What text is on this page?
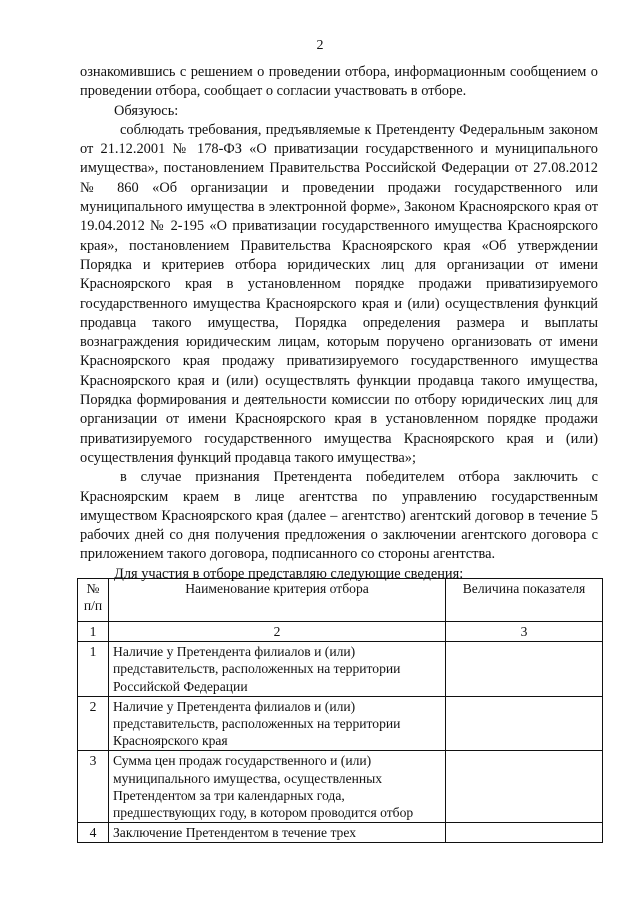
2

ознакомившись с решением о проведении отбора, информационным сообщением о проведении отбора, сообщает о согласии участвовать в отборе.

Обязуюсь:

соблюдать требования, предъявляемые к Претенденту Федеральным законом от 21.12.2001 № 178-ФЗ «О приватизации государственного и муниципального имущества», постановлением Правительства Российской Федерации от 27.08.2012 № 860 «Об организации и проведении продажи государственного или муниципального имущества в электронной форме», Законом Красноярского края от 19.04.2012 № 2-195 «О приватизации государственного имущества Красноярского края», постановлением Правительства Красноярского края «Об утверждении Порядка и критериев отбора юридических лиц для организации от имени Красноярского края в установленном порядке продажи приватизируемого государственного имущества Красноярского края и (или) осуществления функций продавца такого имущества, Порядка определения размера и выплаты вознаграждения юридическим лицам, которым поручено организовать от имени Красноярского края продажу приватизируемого государственного имущества Красноярского края и (или) осуществлять функции продавца такого имущества, Порядка формирования и деятельности комиссии по отбору юридических лиц для организации от имени Красноярского края в установленном порядке продажи приватизируемого государственного имущества Красноярского края и (или) осуществления функций продавца такого имущества»;

в случае признания Претендента победителем отбора заключить с Красноярским краем в лице агентства по управлению государственным имуществом Красноярского края (далее – агентство) агентский договор в течение 5 рабочих дней со дня получения предложения о заключении агентского договора с приложением такого договора, подписанного со стороны агентства.

Для участия в отборе представляю следующие сведения:

№ п/п	Наименование критерия отбора	Величина показателя
1	2	3
1	Наличие у Претендента филиалов и (или) представительств, расположенных на территории Российской Федерации	
2	Наличие у Претендента филиалов и (или) представительств, расположенных на территории Красноярского края	
3	Сумма цен продаж государственного и (или) муниципального имущества, осуществленных Претендентом за три календарных года, предшествующих году, в котором проводится отбор	
4	Заключение Претендентом в течение трех	
